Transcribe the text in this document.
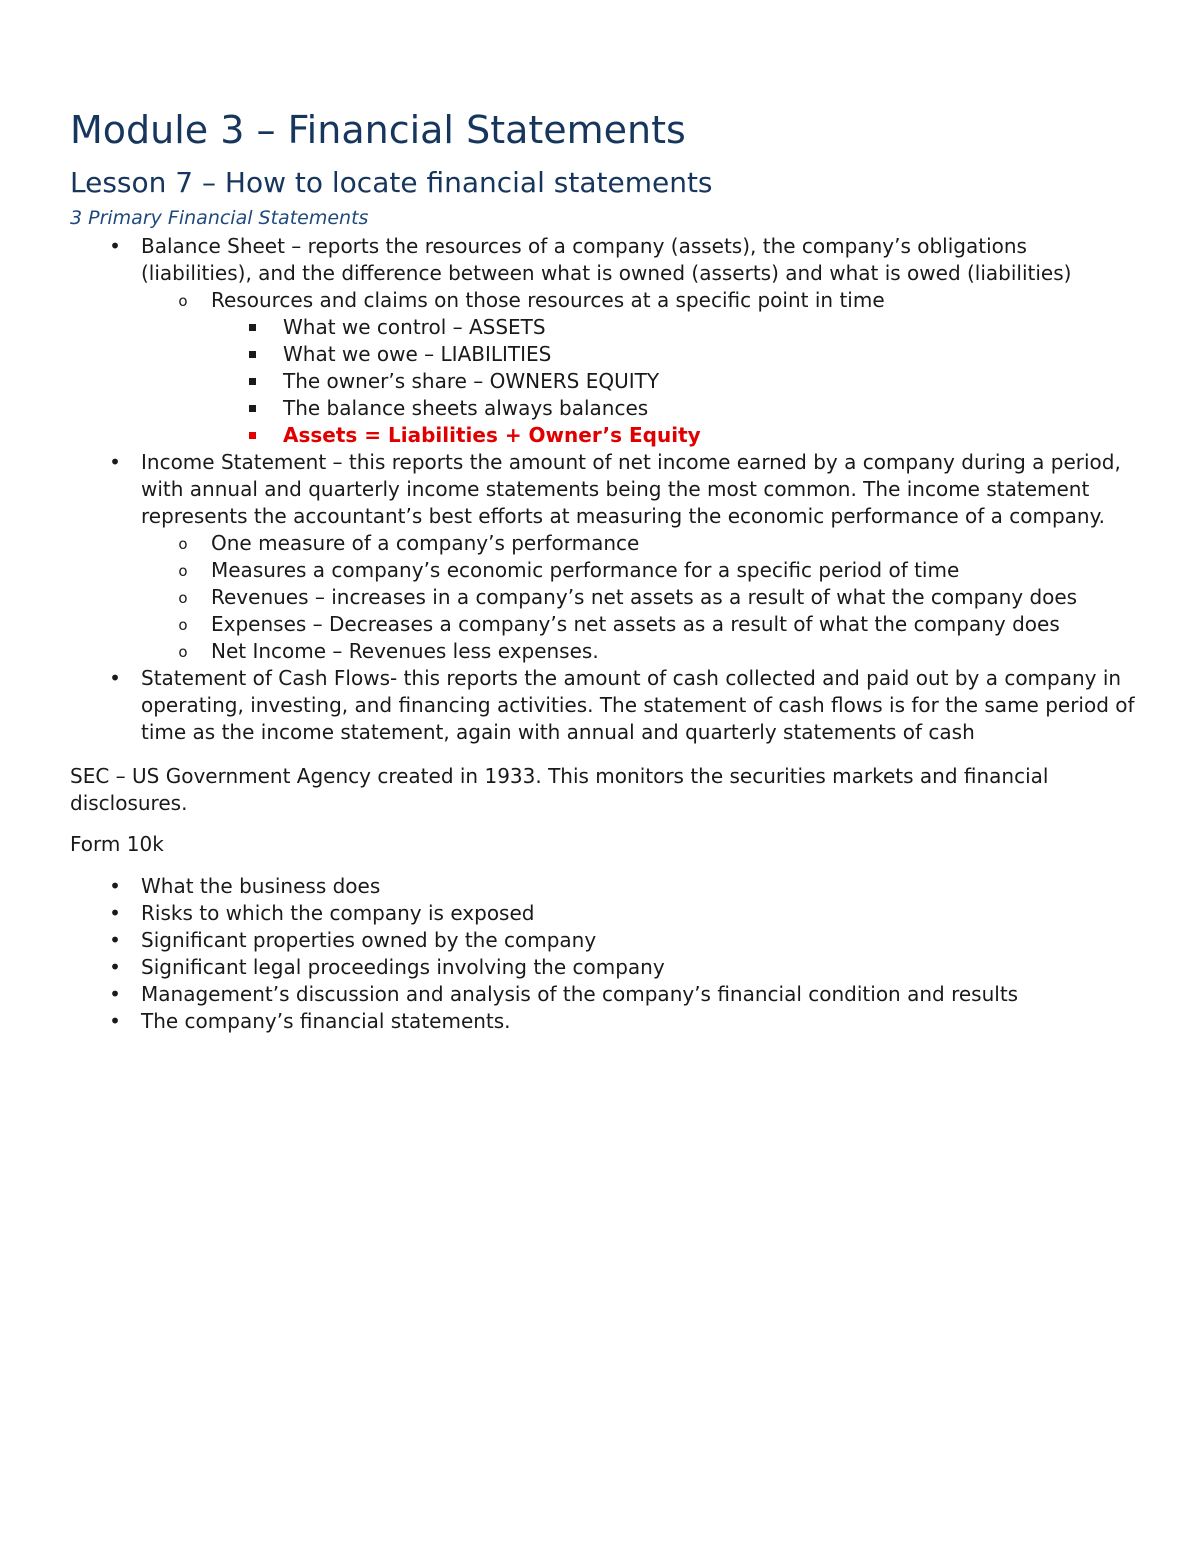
Module 3 – Financial Statements
Lesson 7 – How to locate financial statements

3 Primary Financial Statements

• Balance Sheet – reports the resources of a company (assets), the company’s obligations (liabilities), and the difference between what is owned (asserts) and what is owed (liabilities)
o Resources and claims on those resources at a specific point in time
What we control – ASSETS
What we owe – LIABILITIES
The owner’s share – OWNERS EQUITY
The balance sheets always balances
Assets = Liabilities + Owner’s Equity
• Income Statement – this reports the amount of net income earned by a company during a period, with annual and quarterly income statements being the most common. The income statement represents the accountant’s best efforts at measuring the economic performance of a company.
o One measure of a company’s performance
o Measures a company’s economic performance for a specific period of time
o Revenues – increases in a company’s net assets as a result of what the company does
o Expenses – Decreases a company’s net assets as a result of what the company does
o Net Income – Revenues less expenses.
• Statement of Cash Flows- this reports the amount of cash collected and paid out by a company in operating, investing, and financing activities. The statement of cash flows is for the same period of time as the income statement, again with annual and quarterly statements of cash

SEC – US Government Agency created in 1933. This monitors the securities markets and financial disclosures.

Form 10k

• What the business does
• Risks to which the company is exposed
• Significant properties owned by the company
• Significant legal proceedings involving the company
• Management’s discussion and analysis of the company’s financial condition and results
• The company’s financial statements.
